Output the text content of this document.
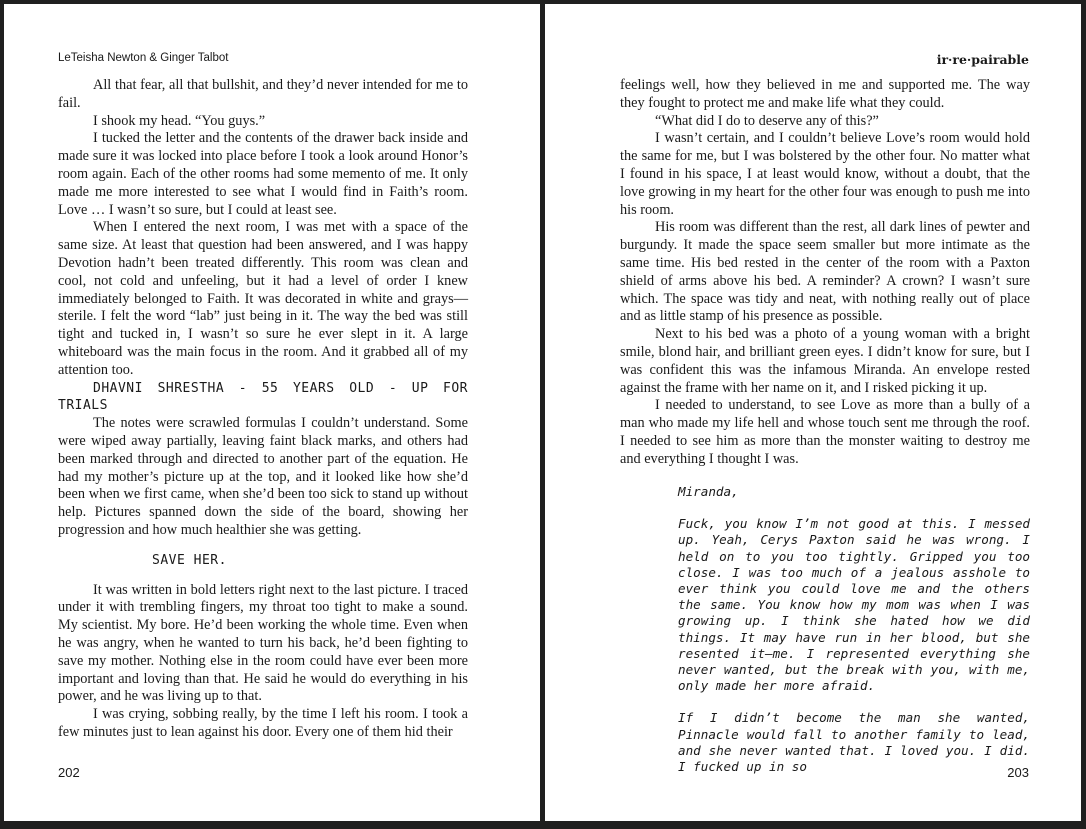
LeTeisha Newton & Ginger Talbot

All that fear, all that bullshit, and they’d never intended for me to fail.

I shook my head. “You guys.”

I tucked the letter and the contents of the drawer back inside and made sure it was locked into place before I took a look around Honor’s room again. Each of the other rooms had some memento of me. It only made me more interested to see what I would find in Faith’s room. Love … I wasn’t so sure, but I could at least see.

When I entered the next room, I was met with a space of the same size. At least that question had been answered, and I was happy Devotion hadn’t been treated differently. This room was clean and cool, not cold and unfeeling, but it had a level of order I knew immediately belonged to Faith. It was decorated in white and grays—sterile. I felt the word “lab” just being in it. The way the bed was still tight and tucked in, I wasn’t so sure he ever slept in it. A large whiteboard was the main focus in the room. And it grabbed all of my attention too.

DHAVNI SHRESTHA - 55 YEARS OLD - UP FOR TRIALS

The notes were scrawled formulas I couldn’t understand. Some were wiped away partially, leaving faint black marks, and others had been marked through and directed to another part of the equation. He had my mother’s picture up at the top, and it looked like how she’d been when we first came, when she’d been too sick to stand up without help. Pictures spanned down the side of the board, showing her progression and how much healthier she was getting.

SAVE HER.

It was written in bold letters right next to the last picture. I traced under it with trembling fingers, my throat too tight to make a sound. My scientist. My bore. He’d been working the whole time. Even when he was angry, when he wanted to turn his back, he’d been fighting to save my mother. Nothing else in the room could have ever been more important and loving than that. He said he would do everything in his power, and he was living up to that.

I was crying, sobbing really, by the time I left his room. I took a few minutes just to lean against his door. Every one of them hid their

202
ir·re·pairable

feelings well, how they believed in me and supported me. The way they fought to protect me and make life what they could.

“What did I do to deserve any of this?”

I wasn’t certain, and I couldn’t believe Love’s room would hold the same for me, but I was bolstered by the other four. No matter what I found in his space, I at least would know, without a doubt, that the love growing in my heart for the other four was enough to push me into his room.

His room was different than the rest, all dark lines of pewter and burgundy. It made the space seem smaller but more intimate as the same time. His bed rested in the center of the room with a Paxton shield of arms above his bed. A reminder? A crown? I wasn’t sure which. The space was tidy and neat, with nothing really out of place and as little stamp of his presence as possible.

Next to his bed was a photo of a young woman with a bright smile, blond hair, and brilliant green eyes. I didn’t know for sure, but I was confident this was the infamous Miranda. An envelope rested against the frame with her name on it, and I risked picking it up.

I needed to understand, to see Love as more than a bully of a man who made my life hell and whose touch sent me through the roof. I needed to see him as more than the monster waiting to destroy me and everything I thought I was.

Miranda,

Fuck, you know I’m not good at this. I messed up. Yeah, Cerys Paxton said he was wrong. I held on to you too tightly. Gripped you too close. I was too much of a jealous asshole to ever think you could love me and the others the same. You know how my mom was when I was growing up. I think she hated how we did things. It may have run in her blood, but she resented it—me. I represented everything she never wanted, but the break with you, with me, only made her more afraid.

If I didn’t become the man she wanted, Pinnacle would fall to another family to lead, and she never wanted that. I loved you. I did. I fucked up in so	203
